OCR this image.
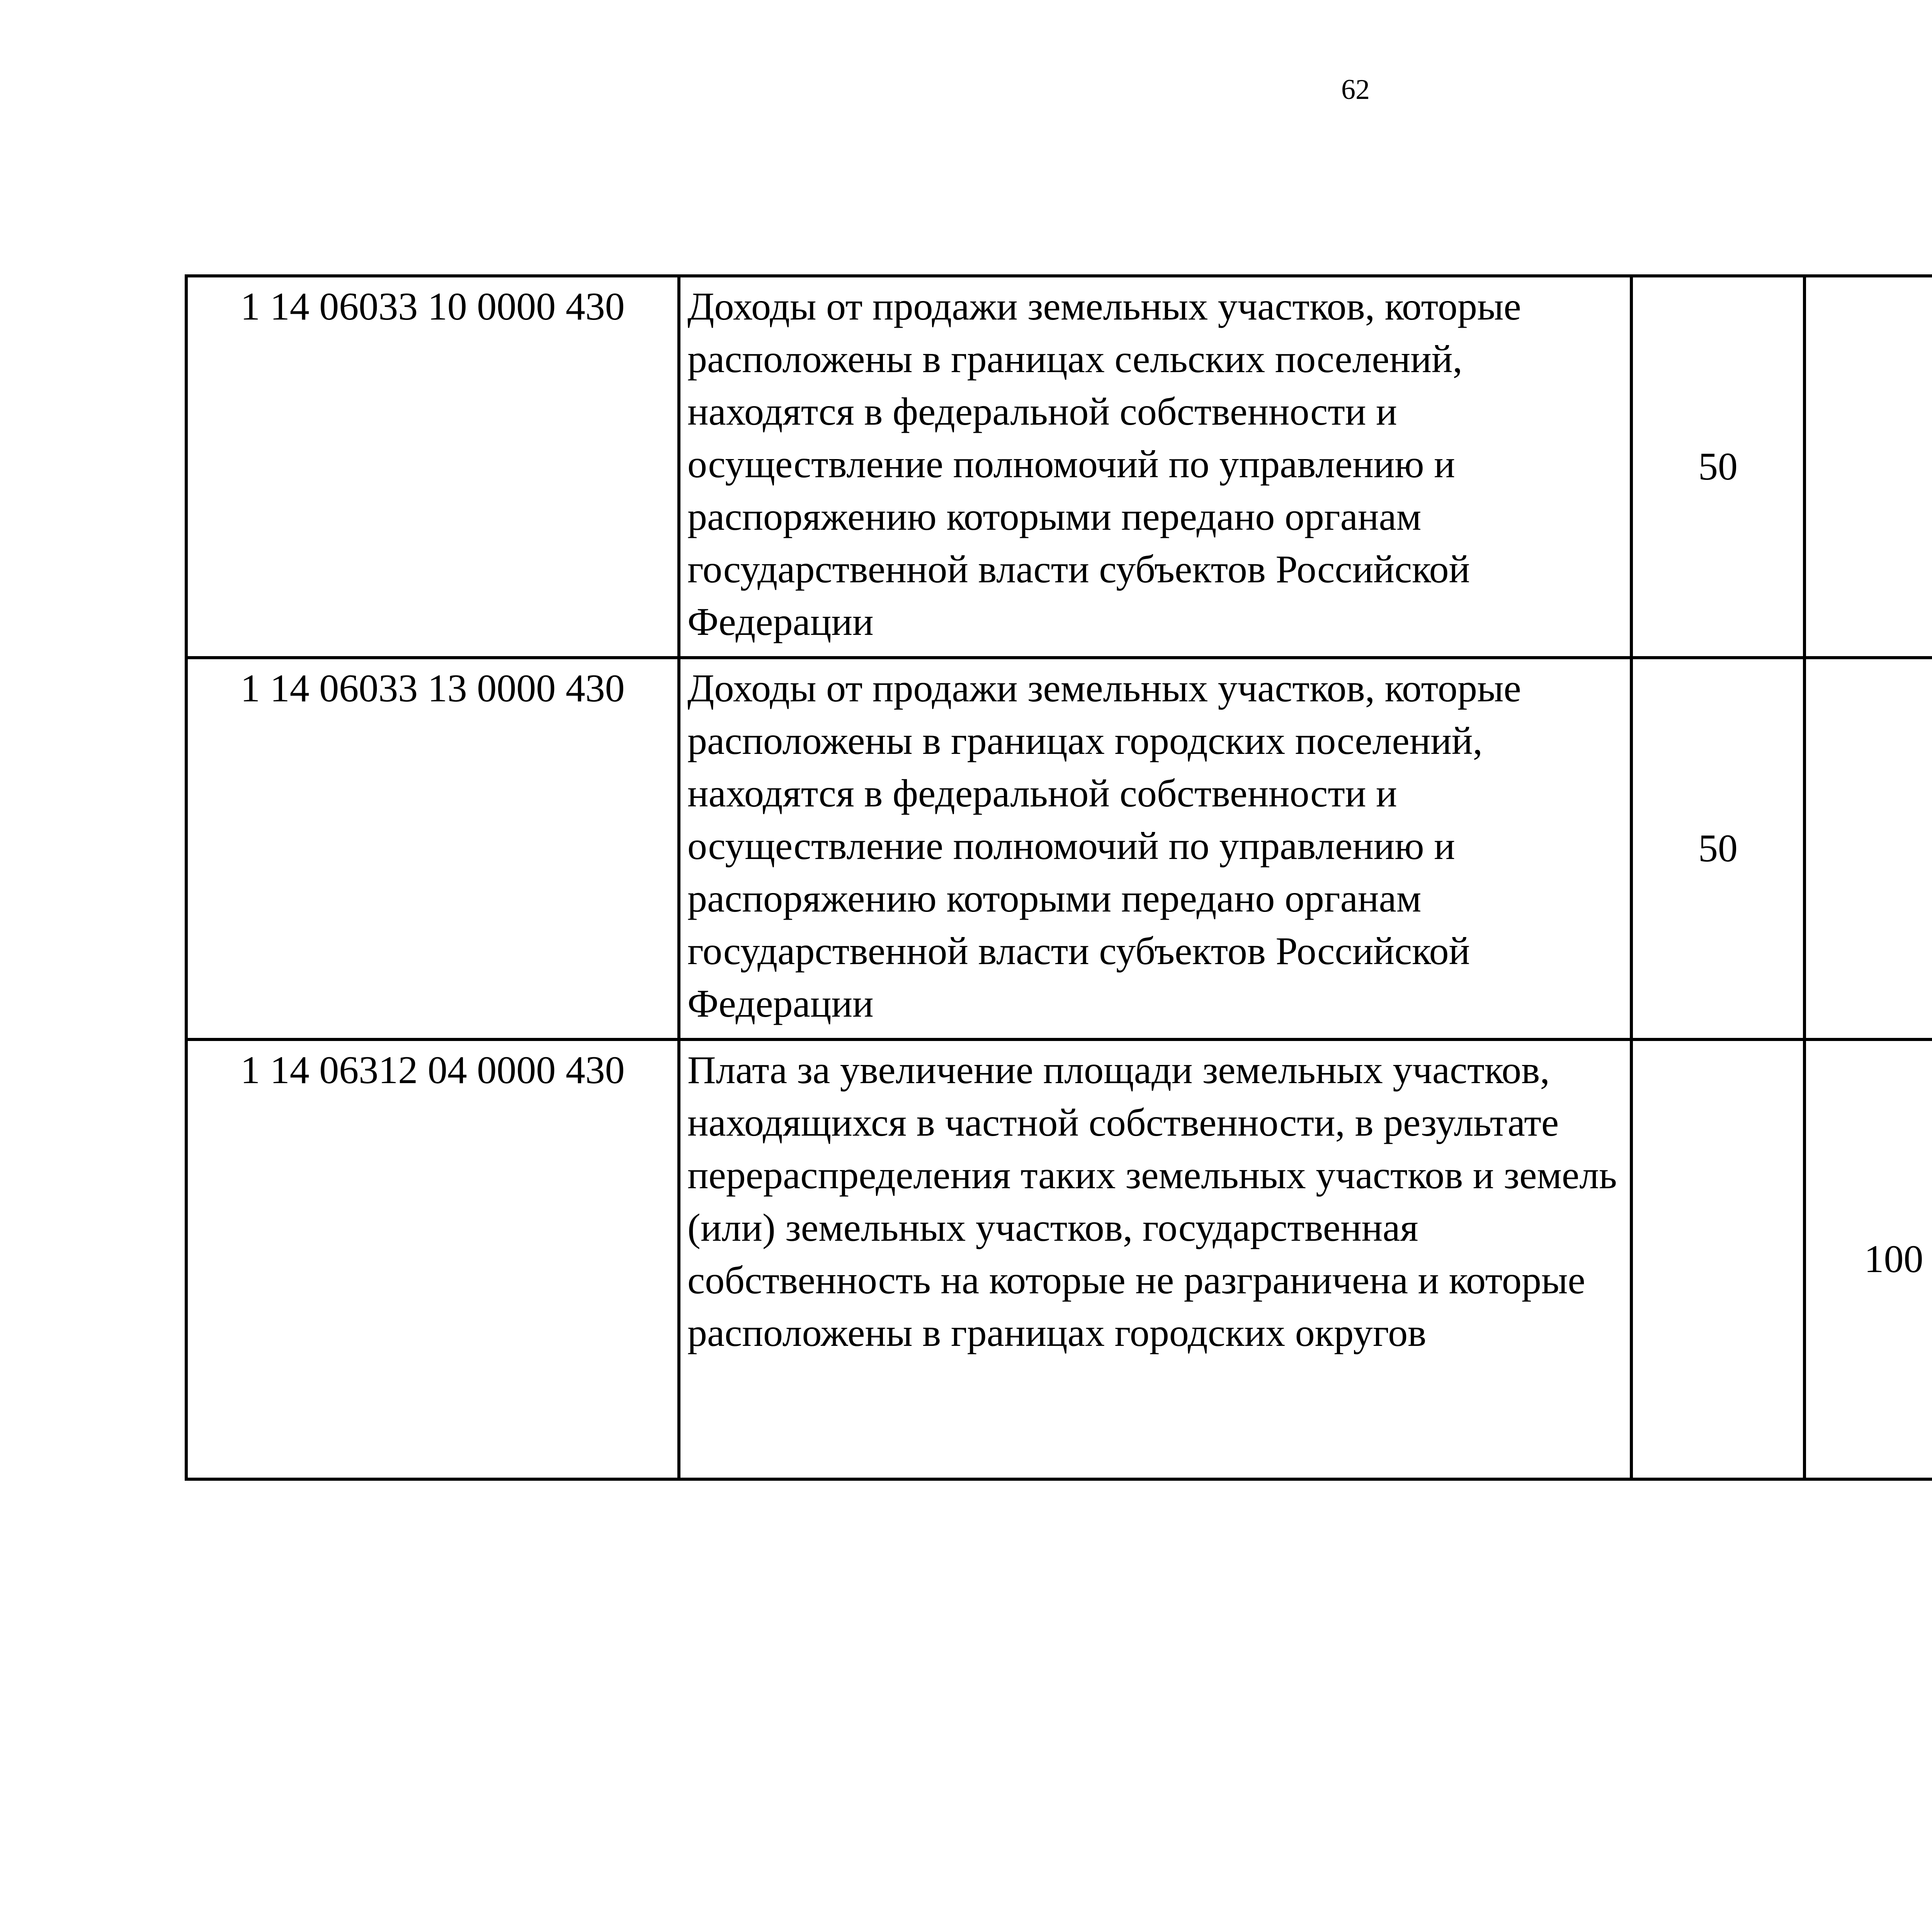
62
1 14 06033 10 0000 430	Доходы от продажи земельных участков, которые расположены в границах сельских поселений, находятся в федеральной собственности и осуществление полномочий по управлению и распоряжению которыми передано органам государственной власти субъектов Российской Федерации	50				
1 14 06033 13 0000 430	Доходы от продажи земельных участков, которые расположены в границах городских поселений, находятся в федеральной собственности и осуществление полномочий по управлению и распоряжению которыми передано органам государственной власти субъектов Российской Федерации	50				
1 14 06312 04 0000 430	Плата за увеличение площади земельных участков, находящихся в частной собственности, в результате перераспределения таких земельных участков и земель (или) земельных участков, государственная собственность на которые не разграничена и которые расположены в границах городских округов		100			
